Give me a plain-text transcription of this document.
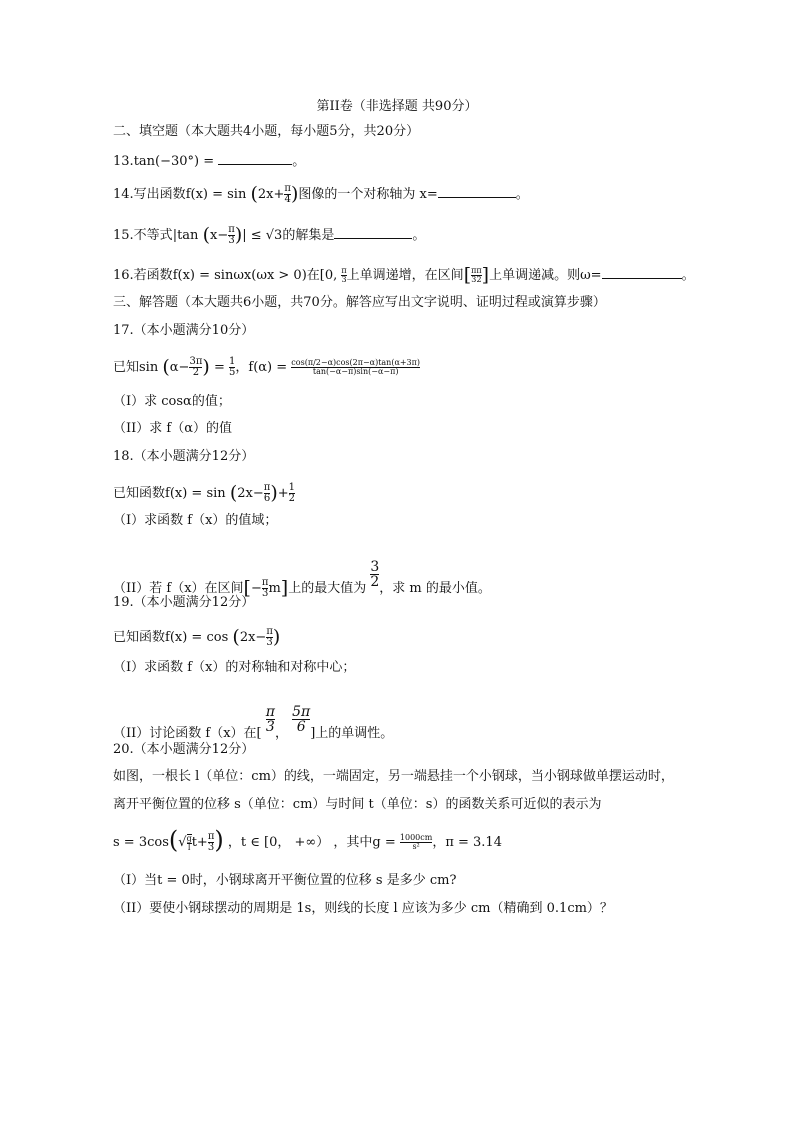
第II卷（非选择题 共90分）
二、填空题（本大题共4小题，每小题5分，共20分）
13.tan(−30°) =	。
14.写出函数$f(x) = \sin (2x+ \frac{\pi}{4}$ )图像的一个对称轴为 x=	。
15.不等式|tan ($x- \frac{\pi}{3}$ )| ≤ √3的解集是	。
16.若函数f(x) = sinωx(ωx > 0)在[0, $\frac{\pi}{3}$ 上单调递增，在区间[ $\frac{\pi}{3} \frac{\pi}{2}$ ]上单调递减。则ω=	。
三、解答题（本大题共6小题，共70分。解答应写出文字说明、证明过程或演算步骤）
17.（本小题满分10分）
已知$\sin (\alpha- \frac{3\pi}{2}$ ) = $\frac{1}{5}$ ，$f(\alpha) = \frac{\cos(\pi/2-\alpha)\cos(2\pi-\alpha)\tan(\alpha+3\pi)}{\tan(-\alpha-\pi)\sin(-\alpha-\pi)}$
（I）求 cosα的值；
（II）求 f（α）的值
18.（本小题满分12分）
已知函数$f(x) = \sin (2x- \frac{\pi}{6}$ )+ $\frac{1}{2}$
（I）求函数 f（x）的值域；
（II）若 f（x）在区间[− $\frac{\pi}{3} m$]上的最大值为 $\frac{3}{2}$ ，求 m 的最小值。
19.（本小题满分12分）
已知函数$f(x) = \cos (2x- \frac{\pi}{3}$ )
（I）求函数 f（x）的对称轴和对称中心；
（II）讨论函数 f（x）在[ $\frac{\pi}{3}$ ， $\frac{5\pi}{6}$ ]上的单调性。
20.（本小题满分12分）
如图，一根长 l（单位：cm）的线，一端固定，另一端悬挂一个小钢球，当小钢球做单摆运动时，
离开平衡位置的位移 s（单位：cm）与时间 t（单位：s）的函数关系可近似的表示为
$s = 3\cos(√ \frac{g}{l} t+ \frac{\pi}{3}$ ) ，t ∈ [0， +∞） ，其中$g = \frac{1000cm}{\text{s²}}$ ，π = 3.14
（I）当t = 0时，小钢球离开平衡位置的位移 s 是多少 cm?
（II）要使小钢球摆动的周期是 1s，则线的长度 l 应该为多少 cm（精确到 0.1cm）？
